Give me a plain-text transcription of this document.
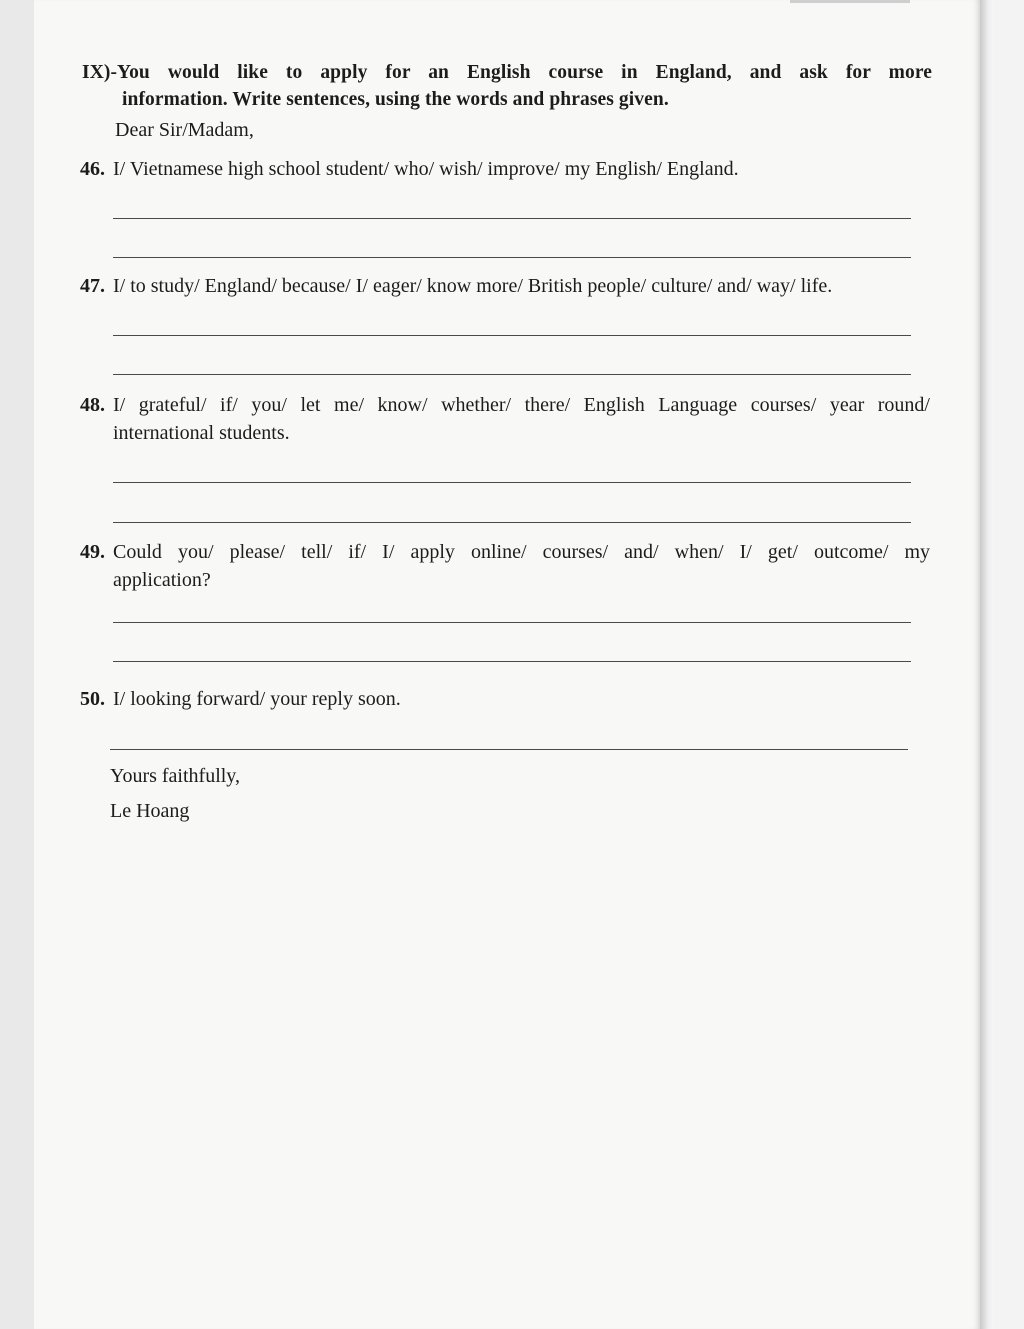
IX)-You would like to apply for an English course in England, and ask for more
information. Write sentences, using the words and phrases given.
Dear Sir/Madam,
46. I/ Vietnamese high school student/ who/ wish/ improve/ my English/ England.
47. I/ to study/ England/ because/ I/ eager/ know more/ British people/ culture/ and/ way/ life.
48. I/ grateful/ if/ you/ let me/ know/ whether/ there/ English Language courses/ year round/
international students.
49. Could you/ please/ tell/ if/ I/ apply online/ courses/ and/ when/ I/ get/ outcome/ my
application?
50. I/ looking forward/ your reply soon.
Yours faithfully,
Le Hoang
